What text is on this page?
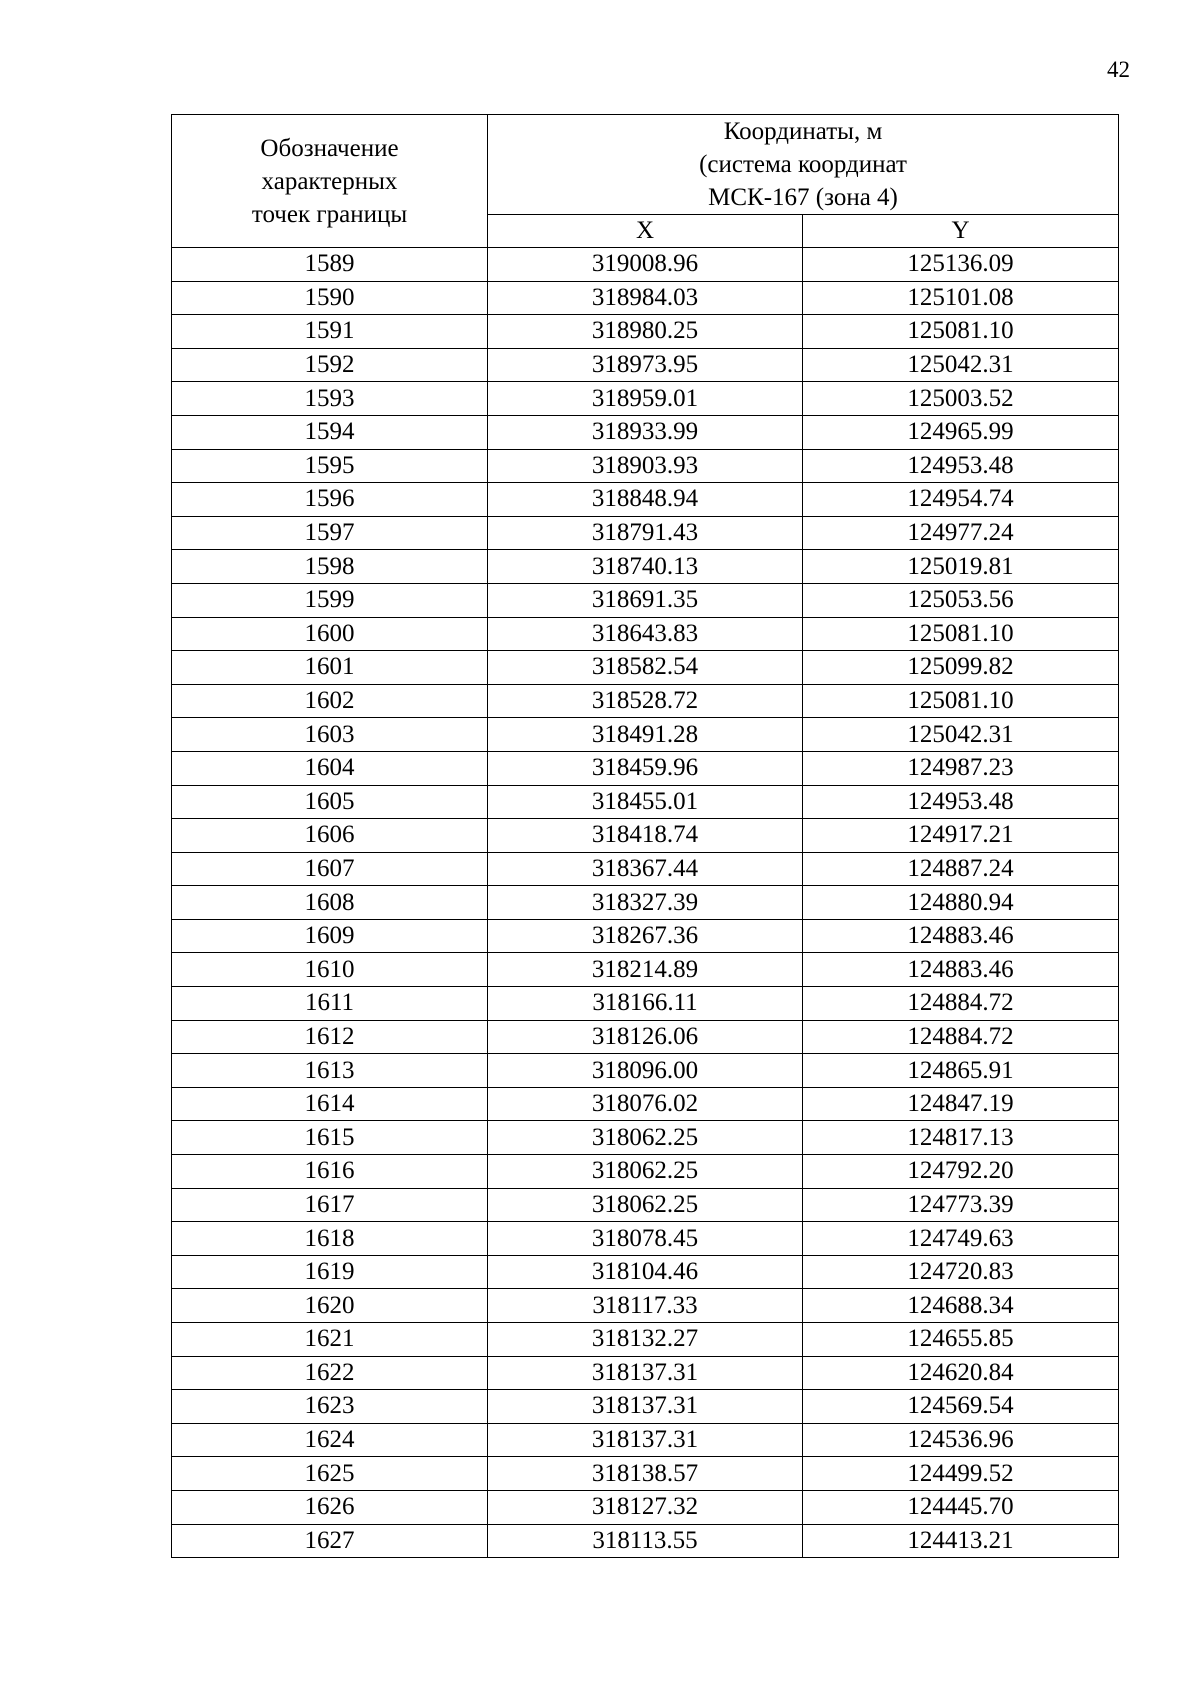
42
Обозначение
характерных
точек границы	Координаты, м
(система координат
МСК-167 (зона 4)	

	X	Y
1589	319008.96	125136.09
1590	318984.03	125101.08
1591	318980.25	125081.10
1592	318973.95	125042.31
1593	318959.01	125003.52
1594	318933.99	124965.99
1595	318903.93	124953.48
1596	318848.94	124954.74
1597	318791.43	124977.24
1598	318740.13	125019.81
1599	318691.35	125053.56
1600	318643.83	125081.10
1601	318582.54	125099.82
1602	318528.72	125081.10
1603	318491.28	125042.31
1604	318459.96	124987.23
1605	318455.01	124953.48
1606	318418.74	124917.21
1607	318367.44	124887.24
1608	318327.39	124880.94
1609	318267.36	124883.46
1610	318214.89	124883.46
1611	318166.11	124884.72
1612	318126.06	124884.72
1613	318096.00	124865.91
1614	318076.02	124847.19
1615	318062.25	124817.13
1616	318062.25	124792.20
1617	318062.25	124773.39
1618	318078.45	124749.63
1619	318104.46	124720.83
1620	318117.33	124688.34
1621	318132.27	124655.85
1622	318137.31	124620.84
1623	318137.31	124569.54
1624	318137.31	124536.96
1625	318138.57	124499.52
1626	318127.32	124445.70
1627	318113.55	124413.21
